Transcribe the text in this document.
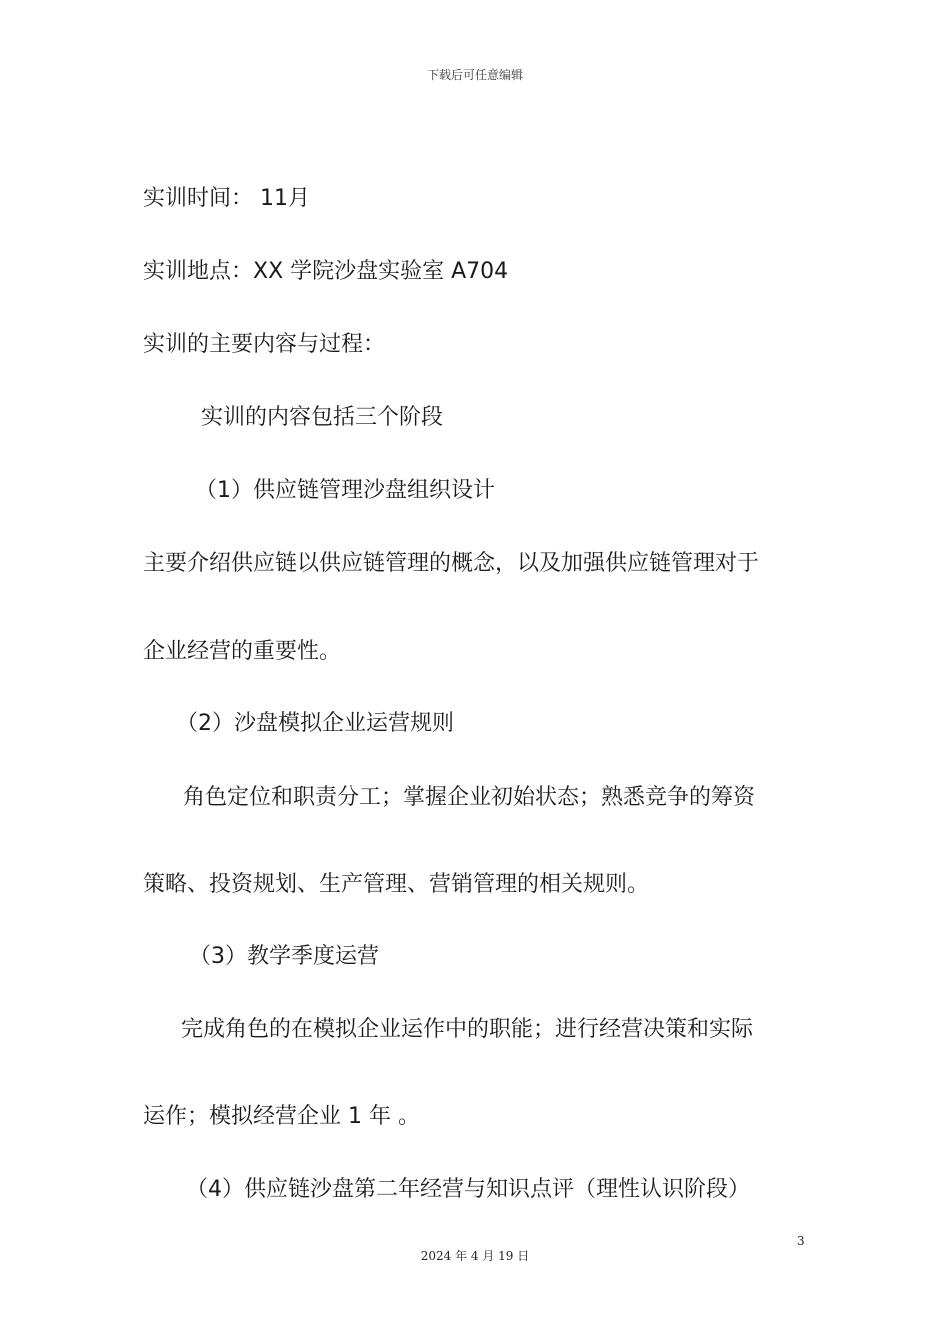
下载后可任意编辑
实训时间： 11月
实训地点：XX 学院沙盘实验室 A704
实训的主要内容与过程：
实训的内容包括三个阶段
（1）供应链管理沙盘组织设计
主要介绍供应链以供应链管理的概念，以及加强供应链管理对于
企业经营的重要性。
（2）沙盘模拟企业运营规则
角色定位和职责分工；掌握企业初始状态；熟悉竞争的筹资
策略、投资规划、生产管理、营销管理的相关规则。
（3）教学季度运营
完成角色的在模拟企业运作中的职能；进行经营决策和实际
运作；模拟经营企业 1 年 。
（4）供应链沙盘第二年经营与知识点评（理性认识阶段）
3
2024 年 4 月 19 日
